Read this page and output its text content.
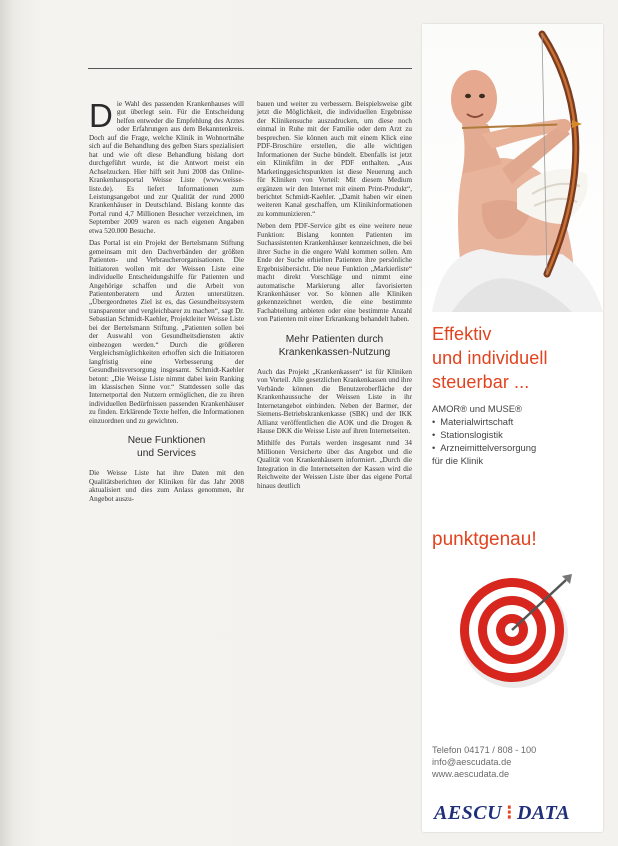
Die Wahl des passenden Krankenhauses will gut überlegt sein. Für die Entscheidung helfen entweder die Empfehlung des Arztes oder Erfahrungen aus dem Bekanntenkreis. Doch auf die Frage, welche Klinik in Wohnortnähe sich auf die Behandlung des gelben Stars spezialisiert hat und wie oft diese Behandlung bislang dort durchgeführt wurde, ist die Antwort meist ein Achselzucken. Hier hilft seit Juni 2008 das Online-Krankenhausportal Weisse Liste (www.weisse-liste.de). Es liefert Informationen zum Leistungsangebot und zur Qualität der rund 2000 Krankenhäuser in Deutschland. Bislang konnte das Portal rund 4,7 Millionen Besucher verzeichnen, im September 2009 waren es nach eigenen Angaben etwa 520.000 Besuche.

Das Portal ist ein Projekt der Bertelsmann Stiftung gemeinsam mit den Dachverbänden der größten Patienten- und Verbraucherorganisationen. Die Initiatoren wollen mit der Weissen Liste eine individuelle Entscheidungshilfe für Patienten und Angehörige schaffen und die Arbeit von Patientenberatern und Ärzten unterstützen. „Übergeordnetes Ziel ist es, das Gesundheitssystem transparenter und vergleichbarer zu machen“, sagt Dr. Sebastian Schmidt-Kaehler, Projektleiter Weisse Liste bei der Bertelsmann Stiftung. „Patienten sollen bei der Auswahl von Gesundheitsdiensten aktiv einbezogen werden.“ Durch die größeren Vergleichsmöglichkeiten erhoffen sich die Initiatoren langfristig eine Verbesserung der Gesundheitsversorgung insgesamt. Schmidt-Kaehler betont: „Die Weisse Liste nimmt dabei kein Ranking im klassischen Sinne vor.“ Stattdessen solle das Internetportal den Nutzern ermöglichen, die zu ihren individuellen Bedürfnissen passenden Krankenhäuser zu finden. Erklärende Texte helfen, die Informationen einzuordnen und zu gewichten.

Neue Funktionen
und Services

Die Weisse Liste hat ihre Daten mit den Qualitätsberichten der Kliniken für das Jahr 2008 aktualisiert und dies zum Anlass genommen, ihr Angebot auszu-

bauen und weiter zu verbessern. Beispielsweise gibt jetzt die Möglichkeit, die individuellen Ergebnisse der Klinikensuche auszudrucken, um diese noch einmal in Ruhe mit der Familie oder dem Arzt zu besprechen. Sie können auch mit einem Klick eine PDF-Broschüre erstellen, die alle wichtigen Informationen der Suche bündelt. Ebenfalls ist jetzt ein Klinikfilm in der PDF enthalten. „Aus Marketinggesichtspunkten ist diese Neuerung auch für Kliniken von Vorteil: Mit diesem Medium ergänzen wir den Internet mit einem Print-Produkt“, berichtet Schmidt-Kaehler. „Damit haben wir einen weiteren Kanal geschaffen, um Klinikinformationen zu kommunizieren.“

Neben dem PDF-Service gibt es eine weitere neue Funktion: Bislang konnten Patienten im Suchassistenten Krankenhäuser kennzeichnen, die bei ihrer Suche in die engere Wahl kommen sollen. Am Ende der Suche erhielten Patienten ihre persönliche Ergebnisübersicht. Die neue Funktion „Markierliste“ macht direkt Vorschläge und nimmt eine automatische Markierung aller favorisierten Krankenhäuser vor. So können alle Kliniken gekennzeichnet werden, die eine bestimmte Fachabteilung anbieten oder eine bestimmte Anzahl von Patienten mit einer Erkrankung behandelt haben.

Mehr Patienten durch
Krankenkassen-Nutzung

Auch das Projekt „Krankenkassen“ ist für Kliniken von Vorteil. Alle gesetzlichen Krankenkassen und ihre Verbände können die Benutzeroberfläche der Krankenhaussuche der Weissen Liste in ihr Internetangebot einbinden. Neben der Barmer, der Siemens-Betriebskrankenkasse (SBK) und der IKK Allianz veröffentlichen die AOK und die Drogen & Hause DKK die Weisse Liste auf ihren Internetseiten.

Mithilfe des Portals werden insgesamt rund 34 Millionen Versicherte über das Angebot und die Qualität von Krankenhäusern informiert. „Durch die Integration in die Internetseiten der Kassen wird die Reichweite der Weissen Liste über das eigene Portal hinaus deutlich

Effektiv
und individuell
steuerbar ...
AMOR® und MUSE®
• Materialwirtschaft
• Stationslogistik
• Arzneimittelversorgung
für die Klinik
punktgenau!
Telefon 04171 / 808 - 100
info@aescudata.de
www.aescudata.de
AESCU ⁝ DATA
